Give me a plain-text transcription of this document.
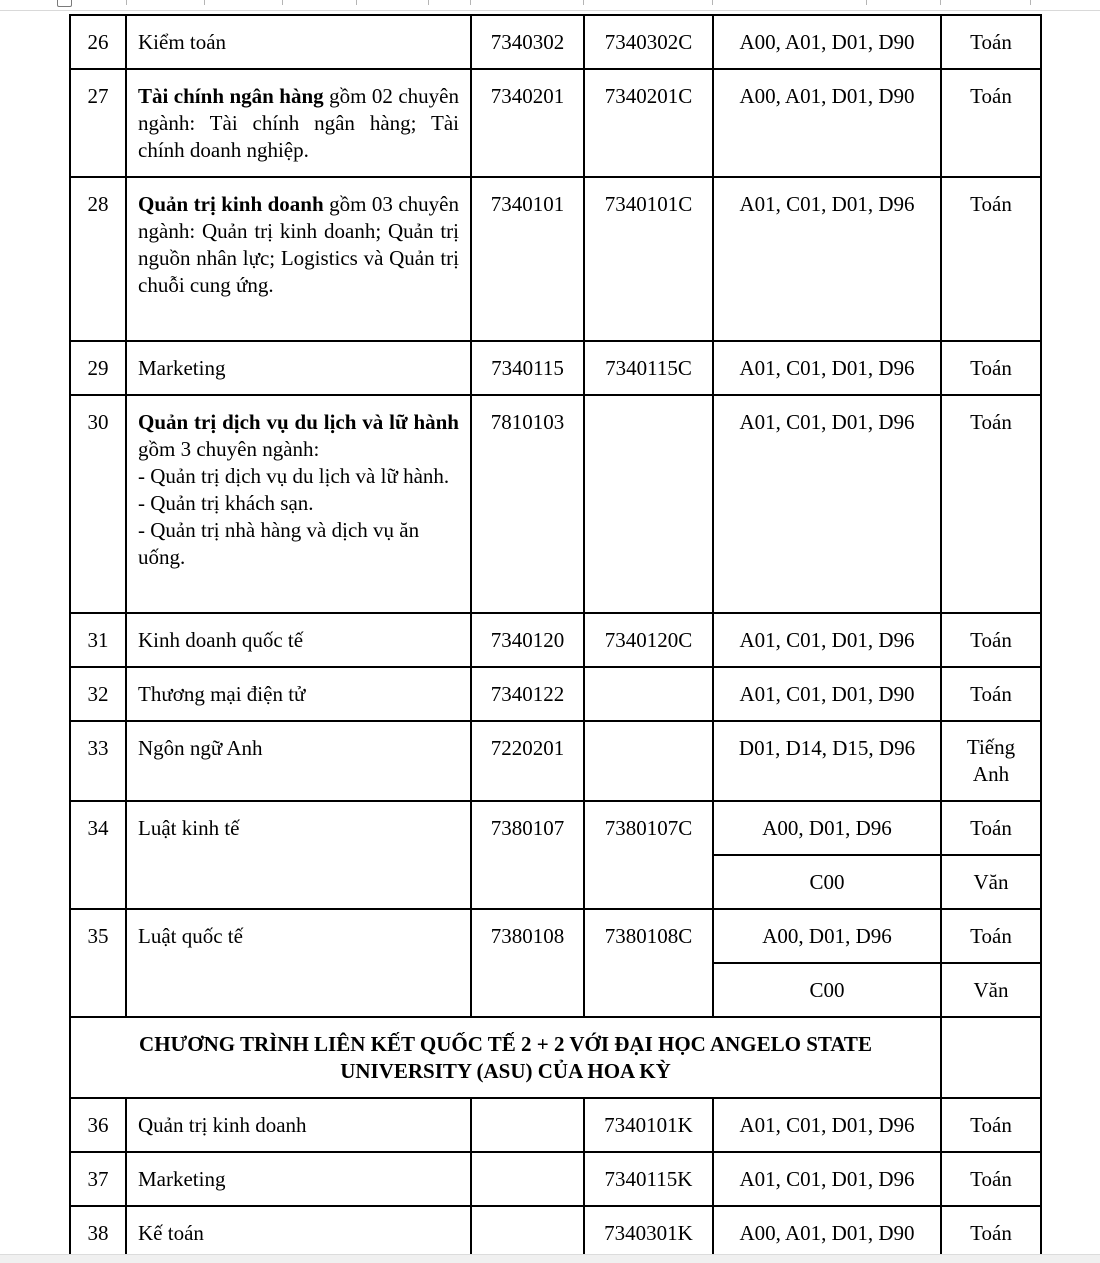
26	Kiểm toán	7340302	7340302C	A00, A01, D01, D90	Toán
27	Tài chính ngân hàng gồm 02 chuyên ngành: Tài chính ngân hàng; Tài chính doanh nghiệp.	7340201	7340201C	A00, A01, D01, D90	Toán
28	Quản trị kinh doanh gồm 03 chuyên ngành: Quản trị kinh doanh; Quản trị nguồn nhân lực; Logistics và Quản trị chuỗi cung ứng.	7340101	7340101C	A01, C01, D01, D96	Toán
29	Marketing	7340115	7340115C	A01, C01, D01, D96	Toán
30	Quản trị dịch vụ du lịch và lữ hành gồm 3 chuyên ngành:
- Quản trị dịch vụ du lịch và lữ hành.
- Quản trị khách sạn.
- Quản trị nhà hàng và dịch vụ ăn uống.	7810103		A01, C01, D01, D96	Toán
31	Kinh doanh quốc tế	7340120	7340120C	A01, C01, D01, D96	Toán
32	Thương mại điện tử	7340122		A01, C01, D01, D90	Toán
33	Ngôn ngữ Anh	7220201		D01, D14, D15, D96	Tiếng Anh
34	Luật kinh tế	7380107	7380107C	A00, D01, D96	Toán
				C00	Văn
35	Luật quốc tế	7380108	7380108C	A00, D01, D96	Toán
				C00	Văn
CHƯƠNG TRÌNH LIÊN KẾT QUỐC TẾ 2 + 2 VỚI ĐẠI HỌC ANGELO STATE UNIVERSITY (ASU) CỦA HOA KỲ					
36	Quản trị kinh doanh		7340101K	A01, C01, D01, D96	Toán
37	Marketing		7340115K	A01, C01, D01, D96	Toán
38	Kế toán		7340301K	A00, A01, D01, D90	Toán
